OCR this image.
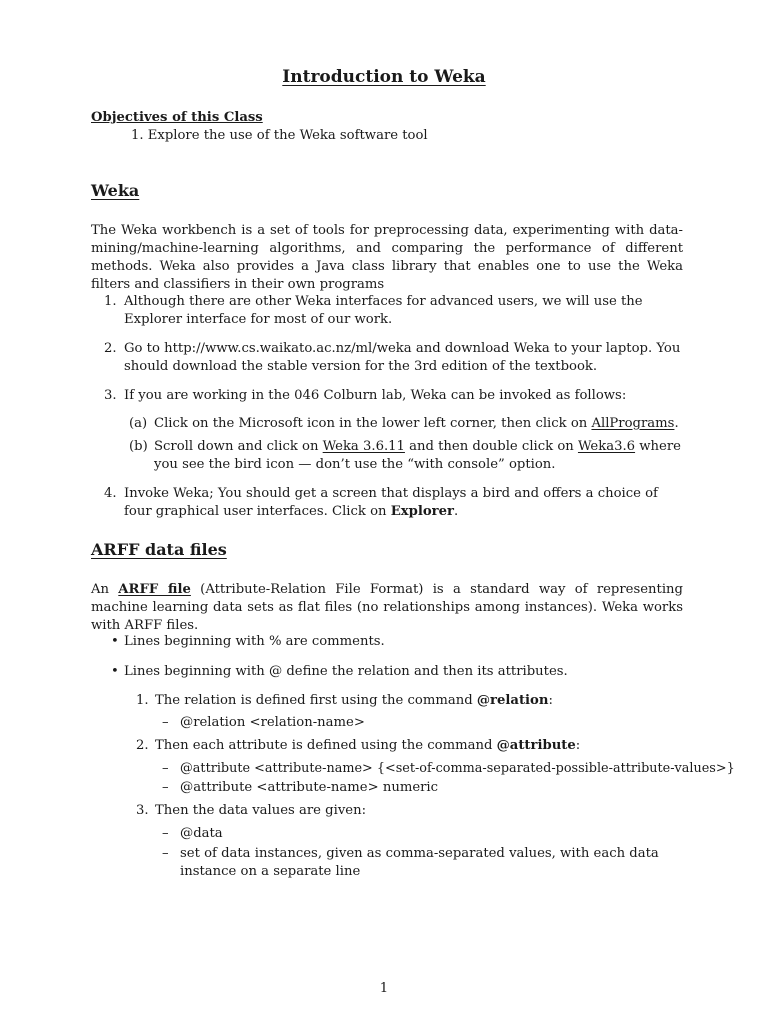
Introduction to Weka
Objectives of this Class
1. Explore the use of the Weka software tool
Weka
The Weka workbench is a set of tools for preprocessing data, experimenting with data-mining/machine-learning algorithms, and comparing the performance of different methods. Weka also provides a Java class library that enables one to use the Weka filters and classifiers in their own programs
1. Although there are other Weka interfaces for advanced users, we will use the Explorer interface for most of our work.
2. Go to http://www.cs.waikato.ac.nz/ml/weka and download Weka to your laptop. You should download the stable version for the 3rd edition of the textbook.
3. If you are working in the 046 Colburn lab, Weka can be invoked as follows:
(a) Click on the Microsoft icon in the lower left corner, then click on AllPrograms.
(b) Scroll down and click on Weka 3.6.11 and then double click on Weka3.6 where you see the bird icon — don’t use the “with console” option.
4. Invoke Weka; You should get a screen that displays a bird and offers a choice of four graphical user interfaces. Click on Explorer.
ARFF data files
An ARFF file (Attribute-Relation File Format) is a standard way of representing machine learning data sets as flat files (no relationships among instances). Weka works with ARFF files.
• Lines beginning with % are comments.
• Lines beginning with @ define the relation and then its attributes.
1. The relation is defined first using the command @relation:
– @relation <relation-name>
2. Then each attribute is defined using the command @attribute:
– @attribute <attribute-name> {<set-of-comma-separated-possible-attribute-values>}
– @attribute <attribute-name> numeric
3. Then the data values are given:
– @data
– set of data instances, given as comma-separated values, with each data instance on a separate line
1
